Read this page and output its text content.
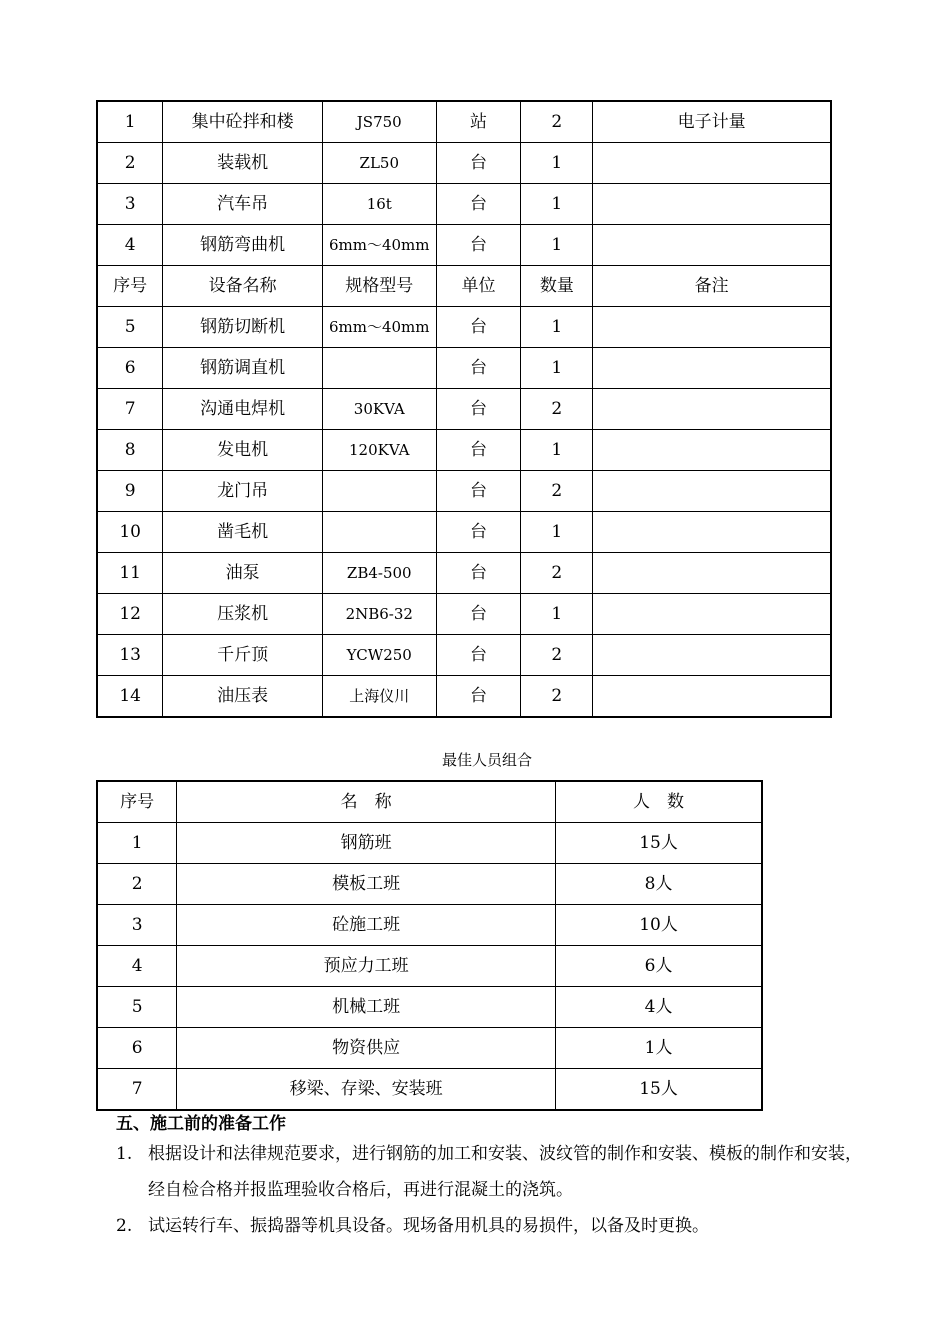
1	集中砼拌和楼	JS750	站	2	电子计量
2	装载机	ZL50	台	1	
3	汽车吊	16t	台	1	
4	钢筋弯曲机	6mm～40mm	台	1	
序号	设备名称	规格型号	单位	数量	备注
5	钢筋切断机	6mm～40mm	台	1	
6	钢筋调直机		台	1	
7	沟通电焊机	30KVA	台	2	
8	发电机	120KVA	台	1	
9	龙门吊		台	2	
10	凿毛机		台	1	
11	油泵	ZB4-500	台	2	
12	压浆机	2NB6-32	台	1	
13	千斤顶	YCW250	台	2	
14	油压表	上海仪川	台	2	
最佳人员组合
序号	名　称	人　数
1	钢筋班	15人
2	模板工班	8人
3	砼施工班	10人
4	预应力工班	6人
5	机械工班	4人
6	物资供应	1人
7	移梁、存梁、安装班	15人
五、施工前的准备工作
1. 根据设计和法律规范要求，进行钢筋的加工和安装、波纹管的制作和安装、模板的制作和安装，经自检合格并报监理验收合格后，再进行混凝土的浇筑。
2. 试运转行车、振捣器等机具设备。现场备用机具的易损件，以备及时更换。
